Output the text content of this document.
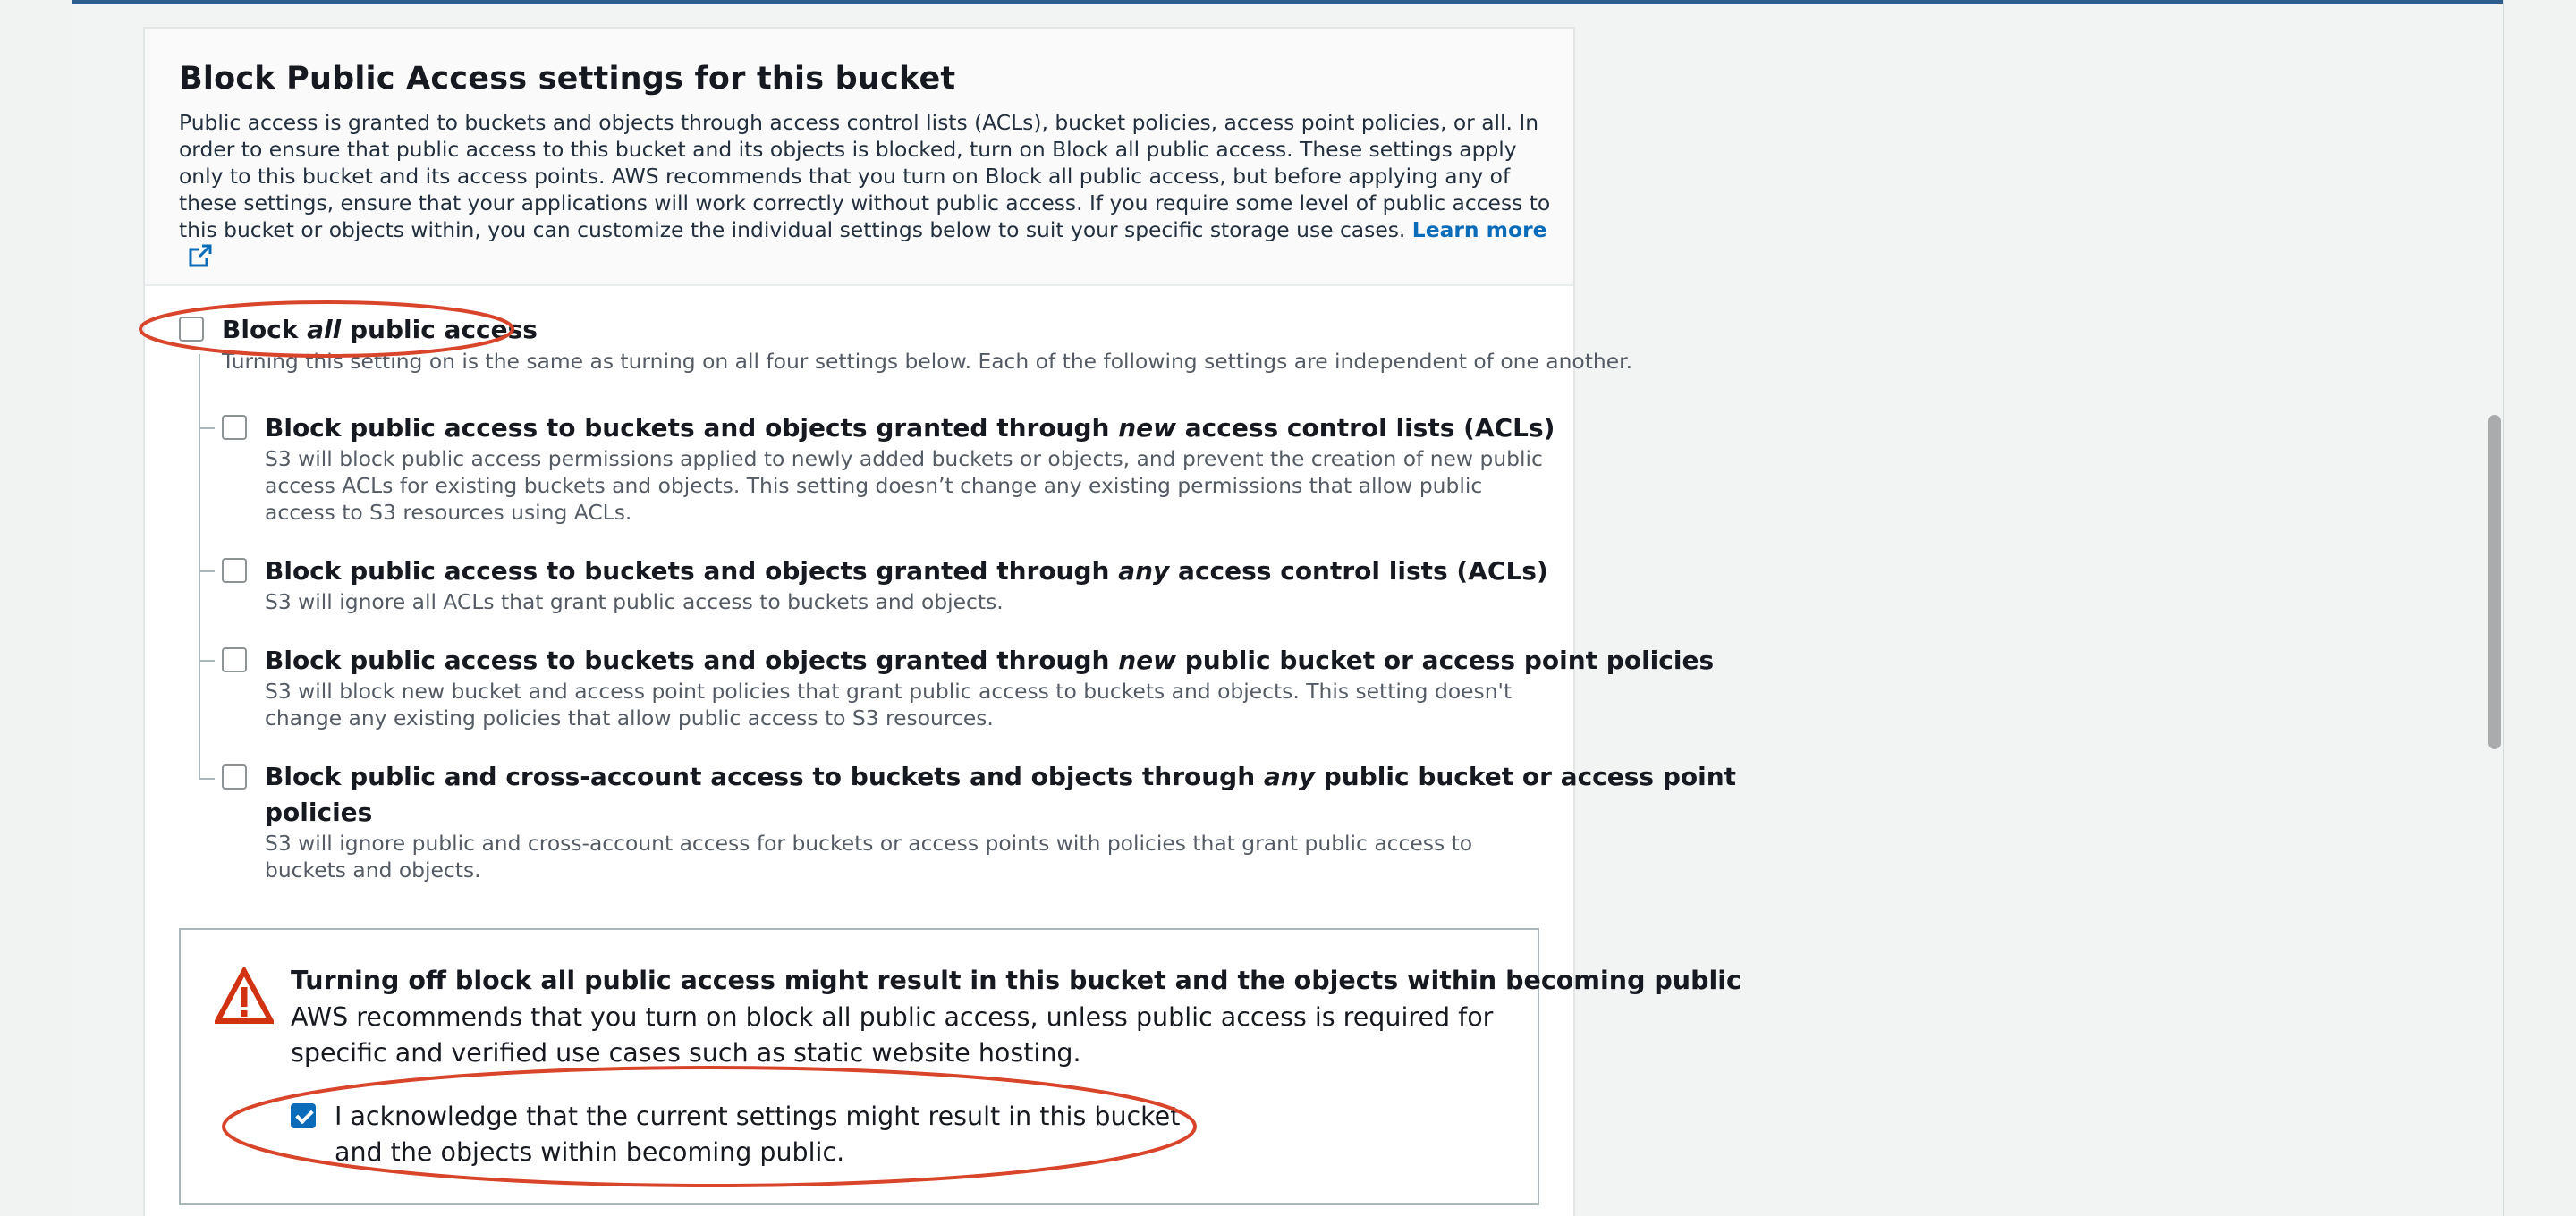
Block Public Access settings for this bucket

Public access is granted to buckets and objects through access control lists (ACLs), bucket policies, access point policies, or all. In order to ensure that public access to this bucket and its objects is blocked, turn on Block all public access. These settings apply only to this bucket and its access points. AWS recommends that you turn on Block all public access, but before applying any of these settings, ensure that your applications will work correctly without public access. If you require some level of public access to this bucket or objects within, you can customize the individual settings below to suit your specific storage use cases. Learn more

Block all public access
Turning this setting on is the same as turning on all four settings below. Each of the following settings are independent of one another.
Block public access to buckets and objects granted through new access control lists (ACLs)
S3 will block public access permissions applied to newly added buckets or objects, and prevent the creation of new public access ACLs for existing buckets and objects. This setting doesn’t change any existing permissions that allow public access to S3 resources using ACLs.
Block public access to buckets and objects granted through any access control lists (ACLs)
S3 will ignore all ACLs that grant public access to buckets and objects.
Block public access to buckets and objects granted through new public bucket or access point policies
S3 will block new bucket and access point policies that grant public access to buckets and objects. This setting doesn't change any existing policies that allow public access to S3 resources.
Block public and cross-account access to buckets and objects through any public bucket or access point
policies
S3 will ignore public and cross-account access for buckets or access points with policies that grant public access to buckets and objects.
Turning off block all public access might result in this bucket and the objects within becoming public
AWS recommends that you turn on block all public access, unless public access is required for specific and verified use cases such as static website hosting.
I acknowledge that the current settings might result in this bucket and the objects within becoming public.
